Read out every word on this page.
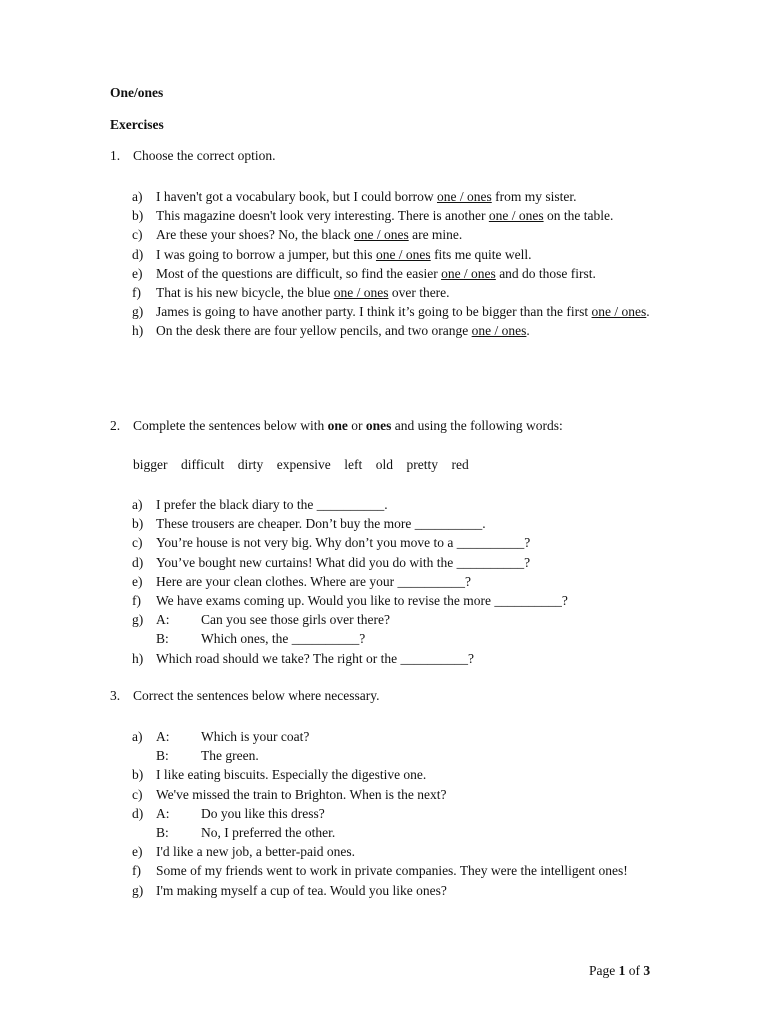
One/ones
Exercises
1. Choose the correct option.
a)	I haven't got a vocabulary book, but I could borrow one / ones from my sister.
b) This magazine doesn't look very interesting. There is another one / ones on the table.
c)	Are these your shoes? No, the black one / ones are mine.
d) I was going to borrow a jumper, but this one / ones fits me quite well.
e)	Most of the questions are difficult, so find the easier one / ones and do those first.
f)	That is his new bicycle, the blue one / ones over there.
g) James is going to have another party. I think it’s going to be bigger than the first one / ones.
h) On the desk there are four yellow pencils, and two orange one / ones.
2. Complete the sentences below with one or ones and using the following words:
bigger difficult dirty expensive left old pretty red
a)	I prefer the black diary to the __________.
b) These trousers are cheaper. Don’t buy the more __________.
c)	You’re house is not very big. Why don’t you move to a __________?
d) You’ve bought new curtains! What did you do with the __________?
e)	Here are your clean clothes. Where are your __________?
f)	We have exams coming up. Would you like to revise the more __________?
g) A:	Can you see those girls over there?
B:	Which ones, the __________?
h) Which road should we take? The right or the __________?
3. Correct the sentences below where necessary.
a)	A:	Which is your coat?
B:	The green.
b) I like eating biscuits. Especially the digestive one.
c)	We've missed the train to Brighton. When is the next?
d) A:	Do you like this dress?
B:	No, I preferred the other.
e)	I'd like a new job, a better-paid ones.
f)	Some of my friends went to work in private companies. They were the intelligent ones!
g) I'm making myself a cup of tea. Would you like ones?
Page 1 of 3
